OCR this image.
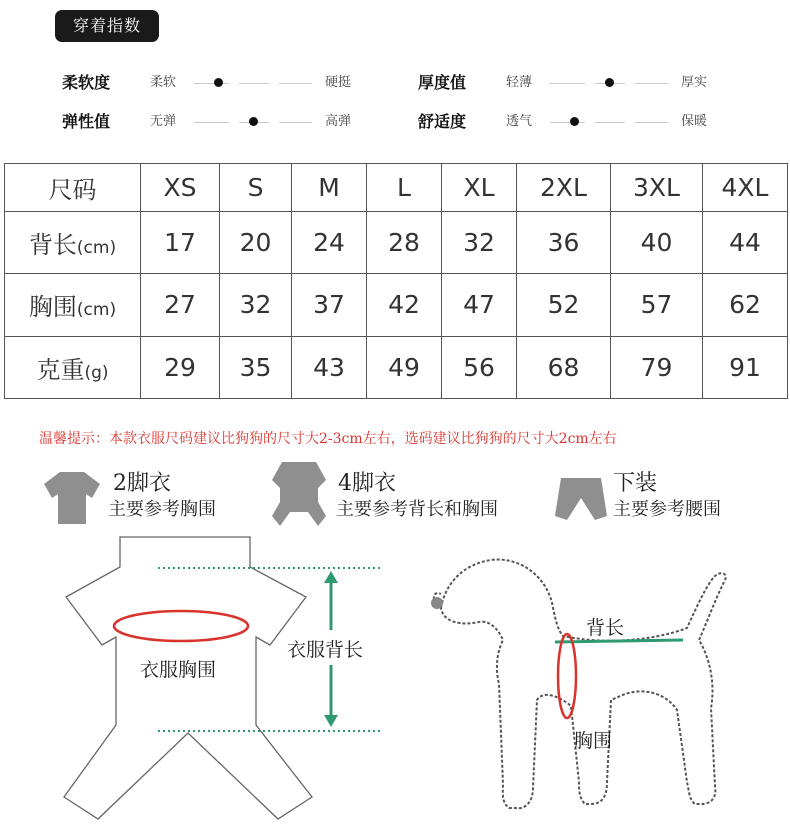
穿着指数
柔软度	柔软	硬挺	厚度值	轻薄	厚实
弹性值	无弹	高弹	舒适度	透气	保暖
尺码	XS	S	M	L	XL	2XL	3XL	4XL
背长(cm)	17	20	24	28	32	36	40	44
胸围(cm)	27	32	37	42	47	52	57	62
克重(g)	29	35	43	49	56	68	79	91
温馨提示：本款衣服尺码建议比狗狗的尺寸大2-3cm左右，选码建议比狗狗的尺寸大2cm左右
2脚衣
主要参考胸围
4脚衣
主要参考背长和胸围
下装
主要参考腰围
衣服胸围
衣服背长
背长
胸围
